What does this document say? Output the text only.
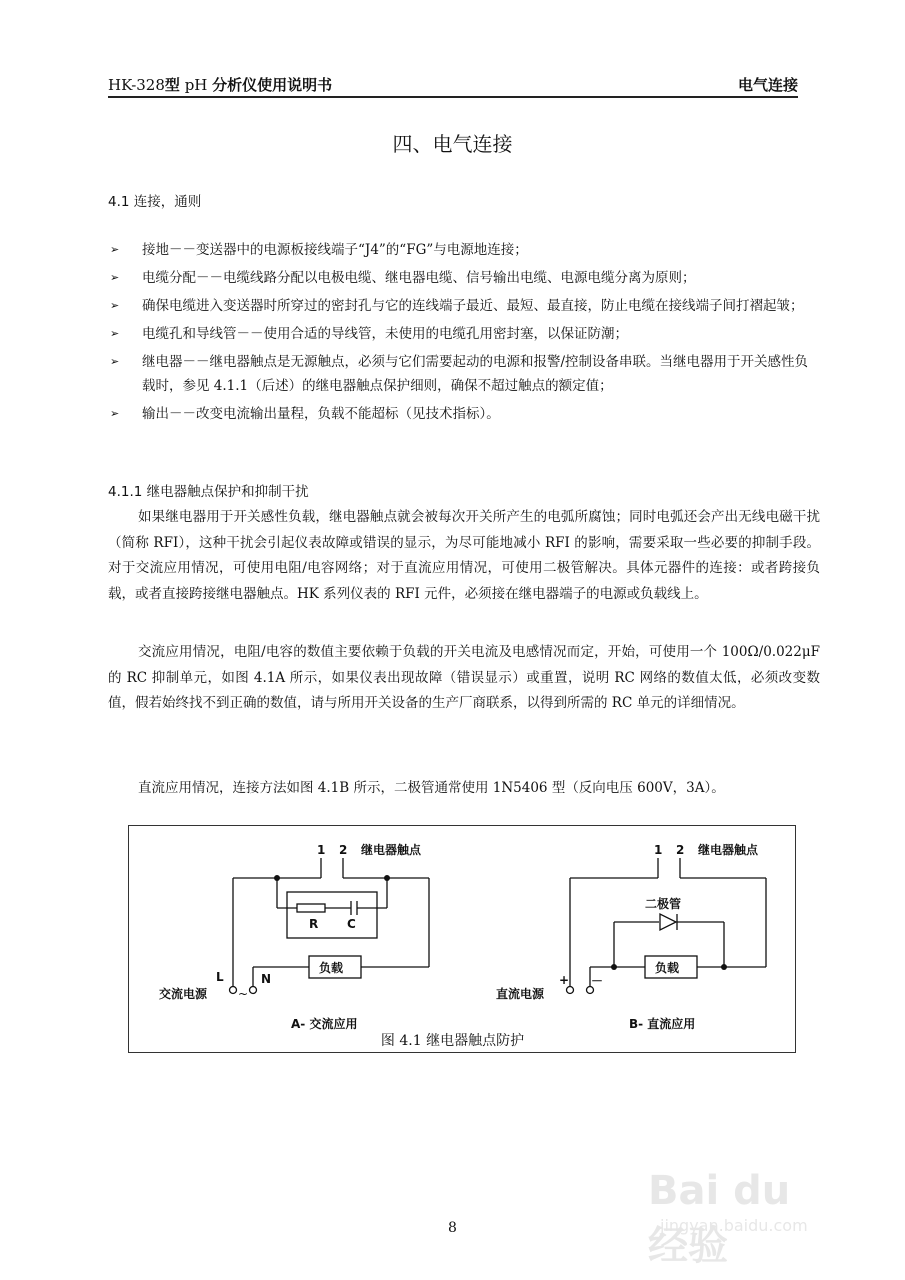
HK-328型 pH 分析仪使用说明书	电气连接
四、电气连接
4.1 连接，通则
➢ 接地－－变送器中的电源板接线端子“J4”的“FG”与电源地连接；
➢ 电缆分配－－电缆线路分配以电极电缆、继电器电缆、信号输出电缆、电源电缆分离为原则；
➢ 确保电缆进入变送器时所穿过的密封孔与它的连线端子最近、最短、最直接，防止电缆在接线端子间打褶起皱；
➢ 电缆孔和导线管－－使用合适的导线管，未使用的电缆孔用密封塞，以保证防潮；
➢ 继电器－－继电器触点是无源触点，必须与它们需要起动的电源和报警/控制设备串联。当继电器用于开关感性负载时，参见 4.1.1（后述）的继电器触点保护细则，确保不超过触点的额定值；
➢ 输出－－改变电流输出量程，负载不能超标（见技术指标）。
4.1.1 继电器触点保护和抑制干扰

如果继电器用于开关感性负载，继电器触点就会被每次开关所产生的电弧所腐蚀；同时电弧还会产出无线电磁干扰（简称 RFI），这种干扰会引起仪表故障或错误的显示，为尽可能地减小 RFI 的影响，需要采取一些必要的抑制手段。对于交流应用情况，可使用电阻/电容网络；对于直流应用情况，可使用二极管解决。具体元器件的连接：或者跨接负载，或者直接跨接继电器触点。HK 系列仪表的 RFI 元件，必须接在继电器端子的电源或负载线上。

交流应用情况，电阻/电容的数值主要依赖于负载的开关电流及电感情况而定，开始，可使用一个 100Ω/0.022μF 的 RC 抑制单元，如图 4.1A 所示，如果仪表出现故障（错误显示）或重置，说明 RC 网络的数值太低，必须改变数值，假若始终找不到正确的数值，请与所用开关设备的生产厂商联系，以得到所需的 RC 单元的详细情况。

直流应用情况，连接方法如图 4.1B 所示，二极管通常使用 1N5406 型（反向电压 600V，3A）。

1 2 继电器触点
R C
负载
L	N
交流电源	~
A- 交流应用
1 2 继电器触点
二极管
负载
+ －
直流电源
B- 直流应用
图 4.1 继电器触点防护
8
Bai du 经验
jingyan.baidu.com
